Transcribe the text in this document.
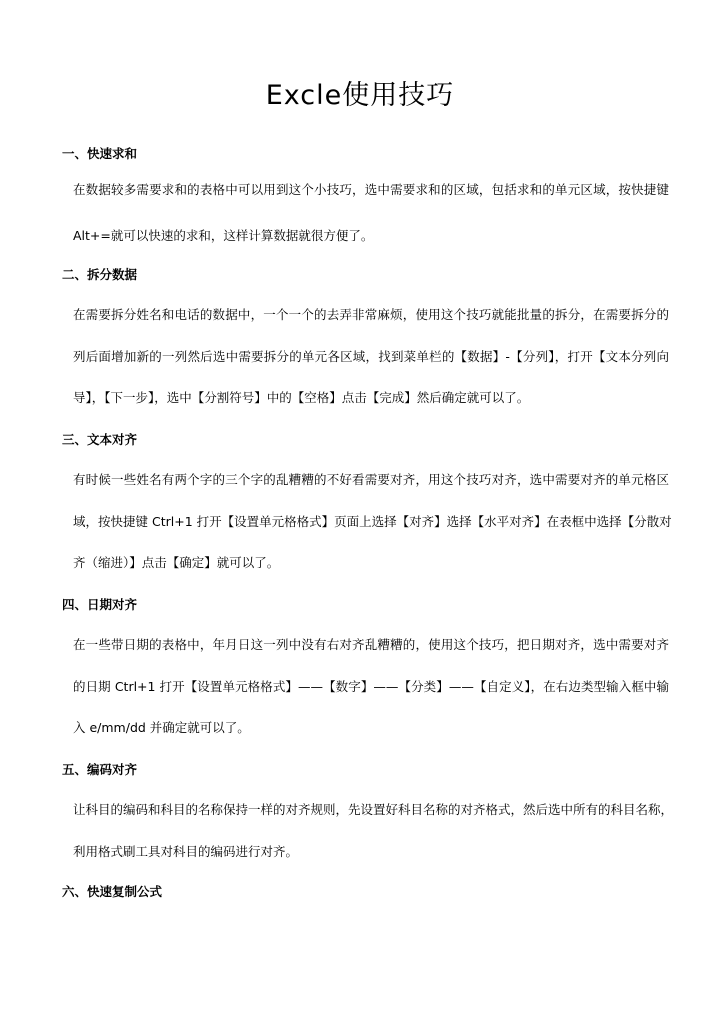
Excle使用技巧
一、快速求和
在数据较多需要求和的表格中可以用到这个小技巧，选中需要求和的区域，包括求和的单元区域，按快捷键
Alt+=就可以快速的求和，这样计算数据就很方便了。
二、拆分数据
在需要拆分姓名和电话的数据中，一个一个的去弄非常麻烦，使用这个技巧就能批量的拆分，在需要拆分的
列后面增加新的一列然后选中需要拆分的单元各区域，找到菜单栏的【数据】-【分列】，打开【文本分列向
导】，【下一步】，选中【分割符号】中的【空格】点击【完成】然后确定就可以了。
三、文本对齐
有时候一些姓名有两个字的三个字的乱糟糟的不好看需要对齐，用这个技巧对齐，选中需要对齐的单元格区
域，按快捷键 Ctrl+1 打开【设置单元格格式】页面上选择【对齐】选择【水平对齐】在表框中选择【分散对
齐（缩进）】点击【确定】就可以了。
四、日期对齐
在一些带日期的表格中，年月日这一列中没有右对齐乱糟糟的，使用这个技巧，把日期对齐，选中需要对齐
的日期 Ctrl+1 打开【设置单元格格式】——【数字】——【分类】——【自定义】，在右边类型输入框中输
入 e/mm/dd 并确定就可以了。
五、编码对齐
让科目的编码和科目的名称保持一样的对齐规则，先设置好科目名称的对齐格式，然后选中所有的科目名称，
利用格式刷工具对科目的编码进行对齐。
六、快速复制公式
